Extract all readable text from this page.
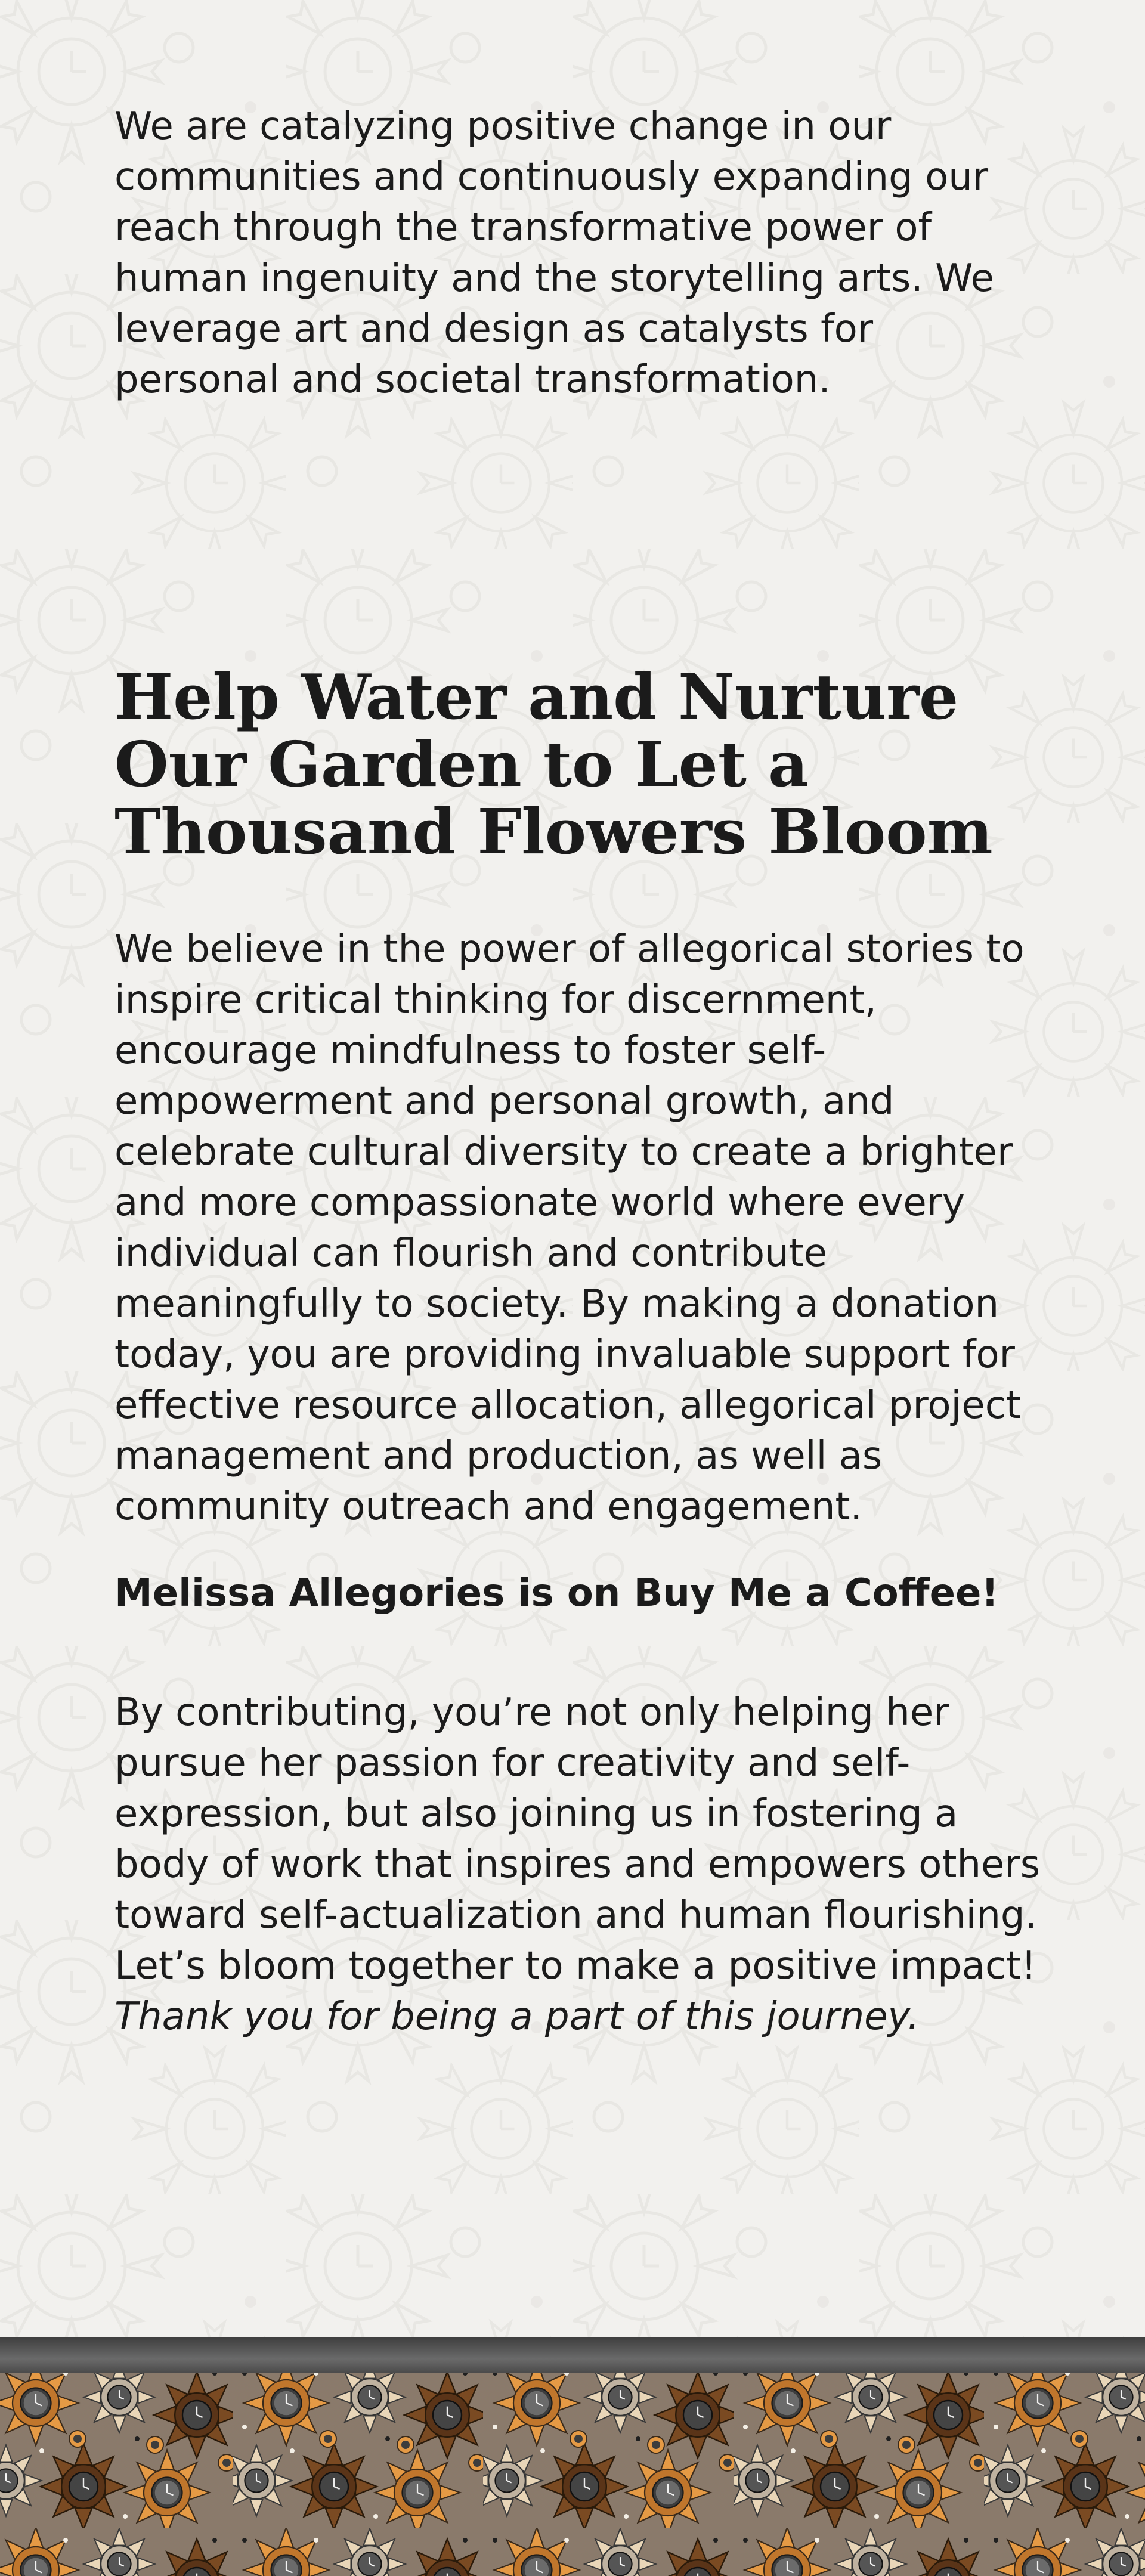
We are catalyzing positive change in our communities and continuously expanding our reach through the transformative power of human ingenuity and the storytelling arts. We leverage art and design as catalysts for personal and societal transformation.

Help Water and Nurture Our Garden to Let a Thousand Flowers Bloom

We believe in the power of allegorical stories to inspire critical thinking for discernment, encourage mindfulness to foster self-empowerment and personal growth, and celebrate cultural diversity to create a brighter and more compassionate world where every individual can flourish and contribute meaningfully to society. By making a donation today, you are providing invaluable support for effective resource allocation, allegorical project management and production, as well as community outreach and engagement.

Melissa Allegories is on Buy Me a Coffee!

By contributing, you’re not only helping her pursue her passion for creativity and self-expression, but also joining us in fostering a body of work that inspires and empowers others toward self-actualization and human flourishing. Let’s bloom together to make a positive impact! Thank you for being a part of this journey.
